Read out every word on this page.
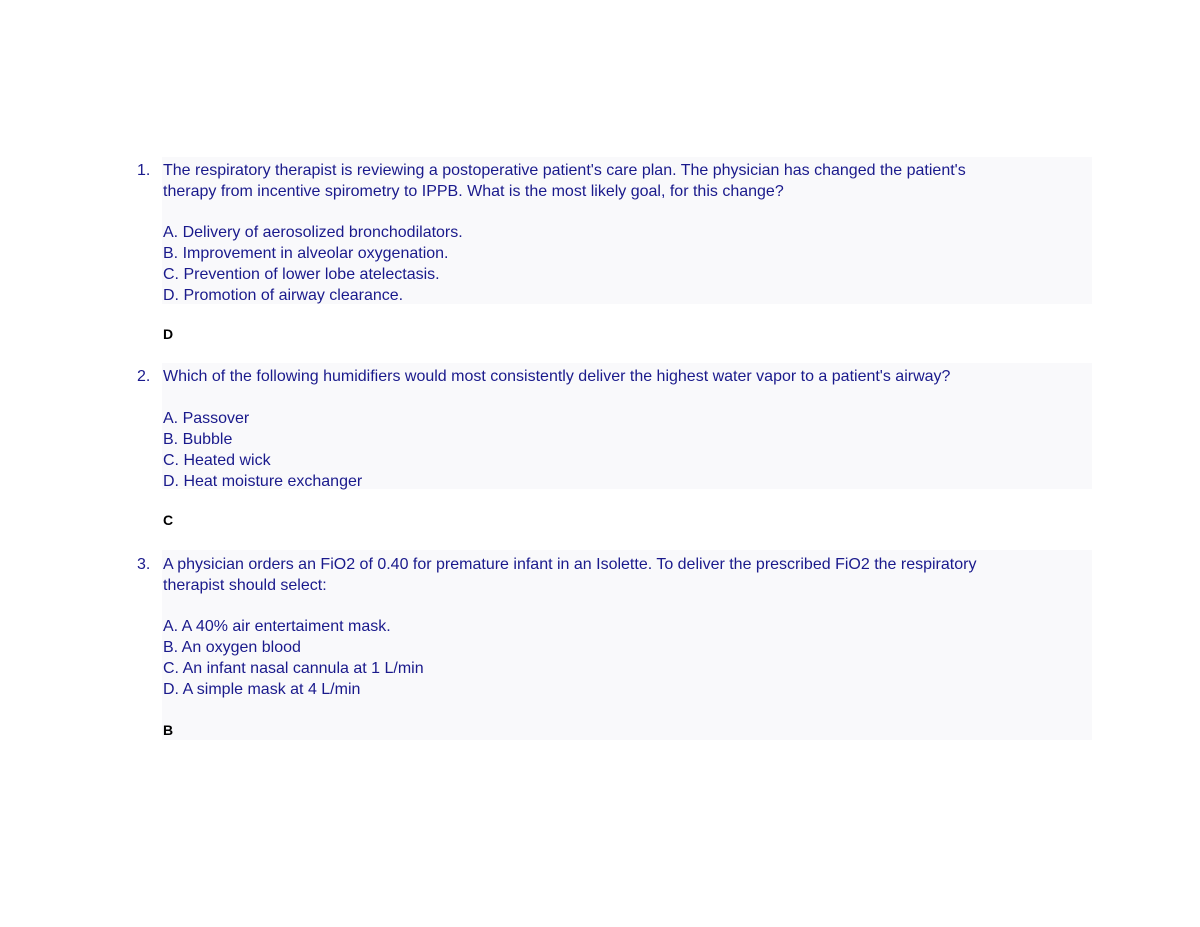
1. The respiratory therapist is reviewing a postoperative patient's care plan. The physician has changed the patient's
therapy from incentive spirometry to IPPB. What is the most likely goal, for this change?
A. Delivery of aerosolized bronchodilators.
B. Improvement in alveolar oxygenation.
C. Prevention of lower lobe atelectasis.
D. Promotion of airway clearance.
D
2. Which of the following humidifiers would most consistently deliver the highest water vapor to a patient's airway?
A. Passover
B. Bubble
C. Heated wick
D. Heat moisture exchanger
C
3. A physician orders an FiO2 of 0.40 for premature infant in an Isolette. To deliver the prescribed FiO2 the respiratory
therapist should select:
A. A 40% air entertaiment mask.
B. An oxygen blood
C. An infant nasal cannula at 1 L/min
D. A simple mask at 4 L/min
B
